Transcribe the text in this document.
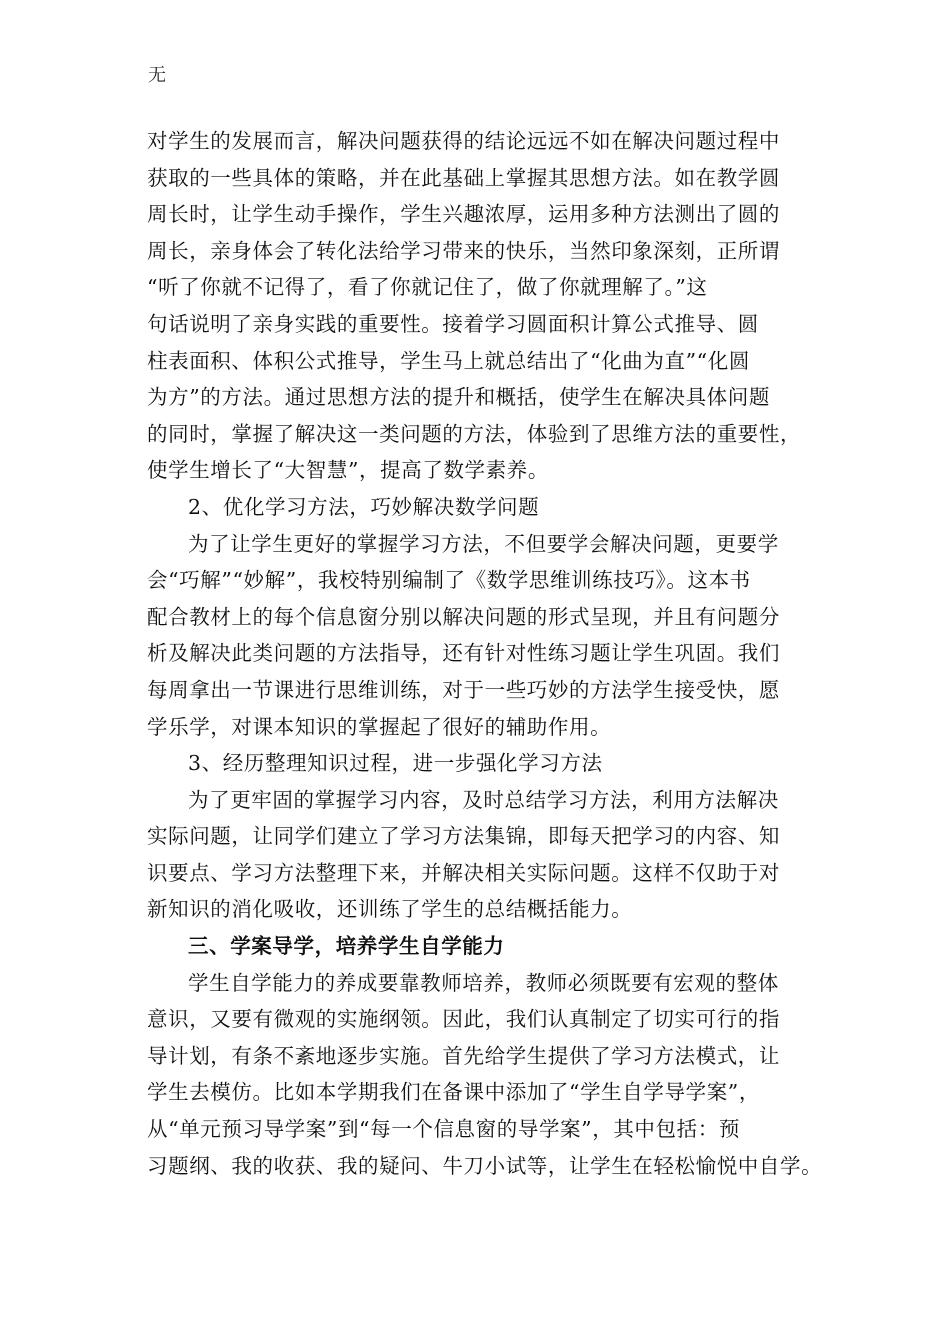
无
对学生的发展而言，解决问题获得的结论远远不如在解决问题过程中
获取的一些具体的策略，并在此基础上掌握其思想方法。如在教学圆
周长时，让学生动手操作，学生兴趣浓厚，运用多种方法测出了圆的
周长，亲身体会了转化法给学习带来的快乐，当然印象深刻，正所谓
“听了你就不记得了，看了你就记住了，做了你就理解了。”这
句话说明了亲身实践的重要性。接着学习圆面积计算公式推导、圆
柱表面积、体积公式推导，学生马上就总结出了“化曲为直”“化圆
为方”的方法。通过思想方法的提升和概括，使学生在解决具体问题
的同时，掌握了解决这一类问题的方法，体验到了思维方法的重要性，
使学生增长了“大智慧”，提高了数学素养。
2、优化学习方法，巧妙解决数学问题
为了让学生更好的掌握学习方法，不但要学会解决问题，更要学
会“巧解”“妙解”，我校特别编制了《数学思维训练技巧》。这本书
配合教材上的每个信息窗分别以解决问题的形式呈现，并且有问题分
析及解决此类问题的方法指导，还有针对性练习题让学生巩固。我们
每周拿出一节课进行思维训练，对于一些巧妙的方法学生接受快，愿
学乐学，对课本知识的掌握起了很好的辅助作用。
3、经历整理知识过程，进一步强化学习方法
为了更牢固的掌握学习内容，及时总结学习方法，利用方法解决
实际问题，让同学们建立了学习方法集锦，即每天把学习的内容、知
识要点、学习方法整理下来，并解决相关实际问题。这样不仅助于对
新知识的消化吸收，还训练了学生的总结概括能力。
三、学案导学，培养学生自学能力
学生自学能力的养成要靠教师培养，教师必须既要有宏观的整体
意识，又要有微观的实施纲领。因此，我们认真制定了切实可行的指
导计划，有条不紊地逐步实施。首先给学生提供了学习方法模式，让
学生去模仿。比如本学期我们在备课中添加了“学生自学导学案”，
从“单元预习导学案”到“每一个信息窗的导学案”，其中包括：预
习题纲、我的收获、我的疑问、牛刀小试等，让学生在轻松愉悦中自学。
